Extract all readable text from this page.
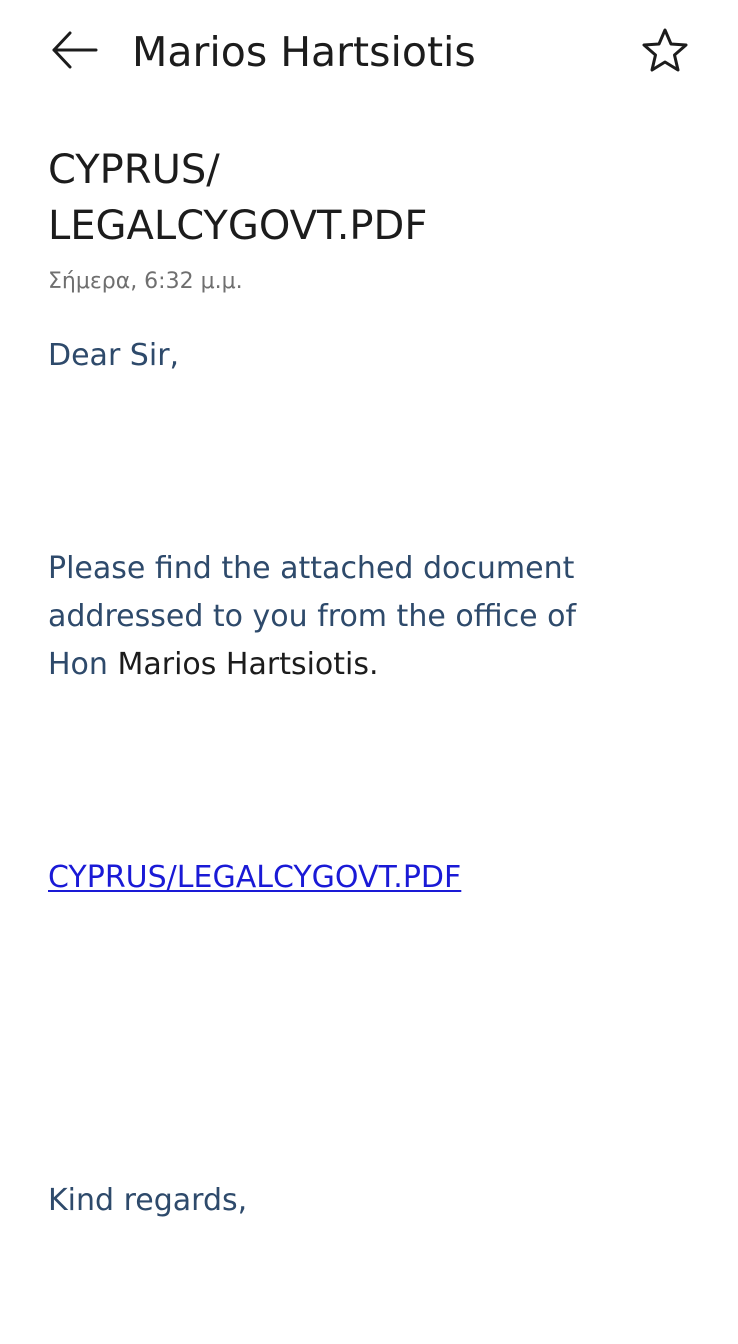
Marios Hartsiotis
CYPRUS/
LEGALCYGOVT.PDF
Σήμερα, 6:32 μ.μ.
Dear Sir,
Please find the attached document
addressed to you from the office of
Hon Marios Hartsiotis.
CYPRUS/LEGALCYGOVT.PDF
Kind regards,
